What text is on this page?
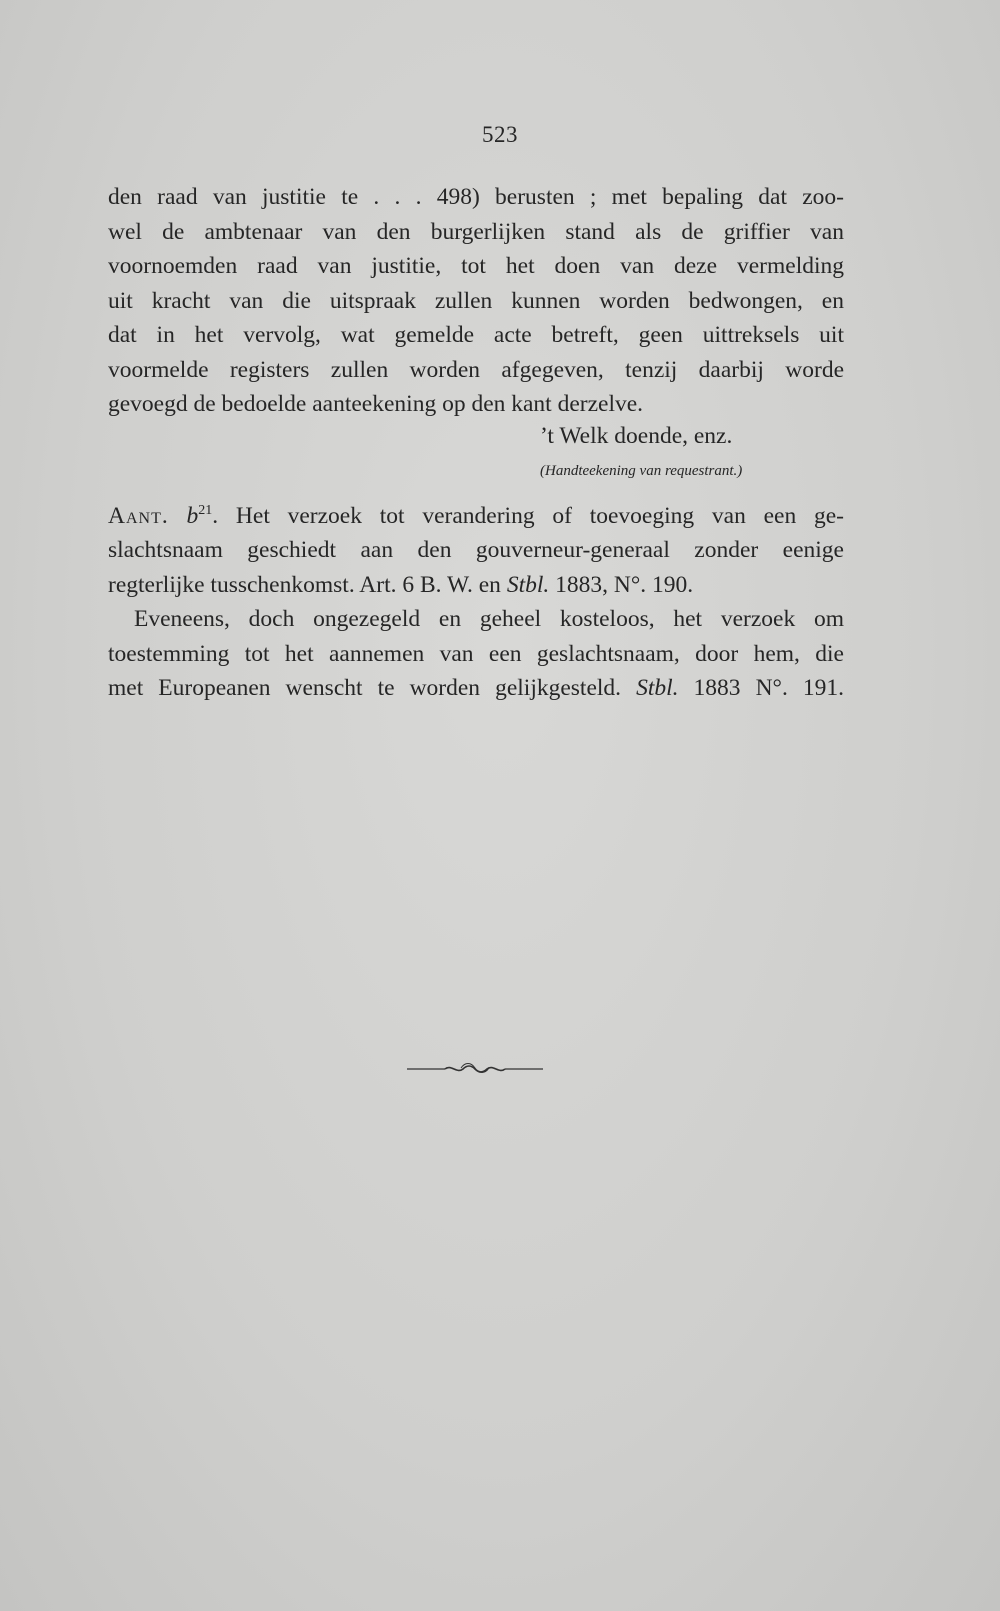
523
den raad van justitie te . . . 498) berusten ; met bepaling dat zoo-
wel de ambtenaar van den burgerlijken stand als de griffier van
voornoemden raad van justitie, tot het doen van deze vermelding
uit kracht van die uitspraak zullen kunnen worden bedwongen, en
dat in het vervolg, wat gemelde acte betreft, geen uittreksels uit
voormelde registers zullen worden afgegeven, tenzij daarbij worde
gevoegd de bedoelde aanteekening op den kant derzelve.
’t Welk doende, enz.
(Handteekening van requestrant.)
Aant. $b^{21}$. Het verzoek tot verandering of toevoeging van een ge-
slachtsnaam geschiedt aan den gouverneur-generaal zonder eenige
regterlijke tusschenkomst. Art. 6 B. W. en Stbl. 1883, N°. 190.
Eveneens, doch ongezegeld en geheel kosteloos, het verzoek om
toestemming tot het aannemen van een geslachtsnaam, door hem, die
met Europeanen wenscht te worden gelijkgesteld. Stbl. 1883 N°. 191.
